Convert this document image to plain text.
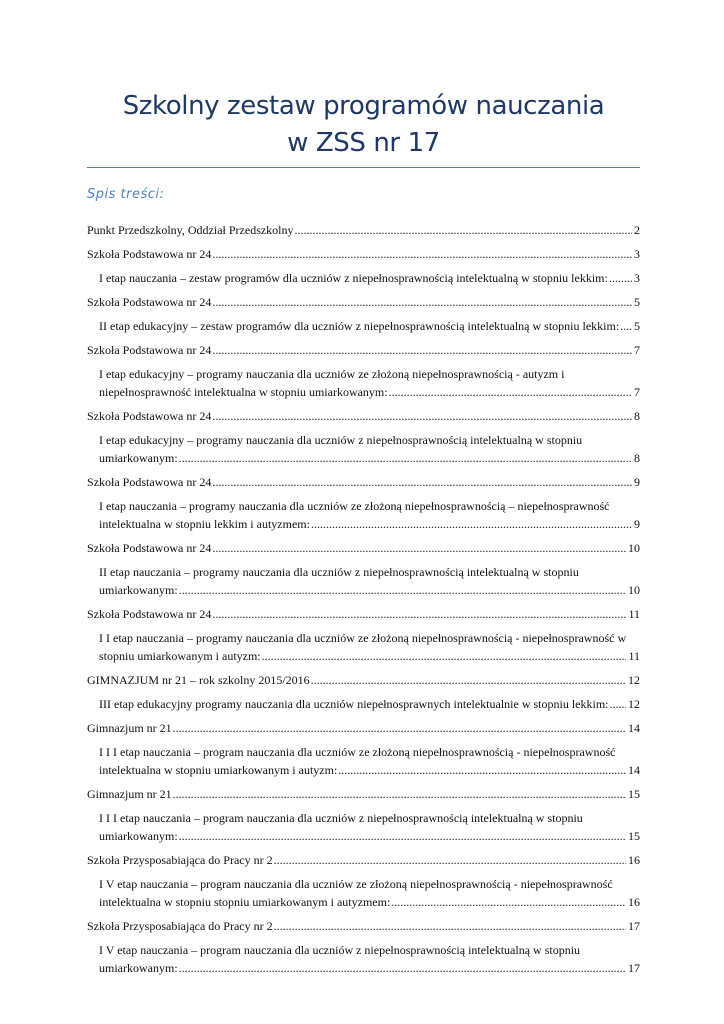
Szkolny zestaw programów nauczania
w ZSS nr 17
Spis treści:
Punkt Przedszkolny, Oddział Przedszkolny .....	2
Szkoła Podstawowa nr 24 .....	3
I etap nauczania – zestaw programów dla uczniów z niepełnosprawnością intelektualną w stopniu lekkim: ..... 3
Szkoła Podstawowa nr 24 .....	5
II etap edukacyjny – zestaw programów dla uczniów z niepełnosprawnością intelektualną w stopniu lekkim: ..... 5
Szkoła Podstawowa nr 24 .....	7
I etap edukacyjny – programy nauczania dla uczniów ze złożoną niepełnosprawnością - autyzm i
niepełnosprawność intelektualna w stopniu umiarkowanym: .....	7
Szkoła Podstawowa nr 24 .....	8
I etap edukacyjny – programy nauczania dla uczniów z niepełnosprawnością intelektualną w stopniu
umiarkowanym: .....	8
Szkoła Podstawowa nr 24 .....	9
I etap nauczania – programy nauczania dla uczniów ze złożoną niepełnosprawnością – niepełnosprawność
intelektualna w stopniu lekkim i autyzmem: .....	9
Szkoła Podstawowa nr 24 .....	10
II etap nauczania – programy nauczania dla uczniów z niepełnosprawnością intelektualną w stopniu
umiarkowanym: .....	10
Szkoła Podstawowa nr 24 .....	11
I I etap nauczania – programy nauczania dla uczniów ze złożoną niepełnosprawnością - niepełnosprawność w
stopniu umiarkowanym i autyzm: .....	11
GIMNAZJUM nr 21 – rok szkolny 2015/2016 .....	12
III etap edukacyjny programy nauczania dla uczniów niepełnosprawnych intelektualnie w stopniu lekkim: ..... 12
Gimnazjum nr 21 .....	14
I I I etap nauczania – program nauczania dla uczniów ze złożoną niepełnosprawnością - niepełnosprawność
intelektualna w stopniu umiarkowanym i autyzm: .....	14
Gimnazjum nr 21 .....	15
I I I etap nauczania – program nauczania dla uczniów z niepełnosprawnością intelektualną w stopniu
umiarkowanym: .....	15
Szkoła Przysposabiająca do Pracy nr 2 .....	16
I V etap nauczania – program nauczania dla uczniów ze złożoną niepełnosprawnością - niepełnosprawność
intelektualna w stopniu stopniu umiarkowanym i autyzmem: .....	16
Szkoła Przysposabiająca do Pracy nr 2 .....	17
I V etap nauczania – program nauczania dla uczniów z niepełnosprawnością intelektualną w stopniu
umiarkowanym: .....	17
